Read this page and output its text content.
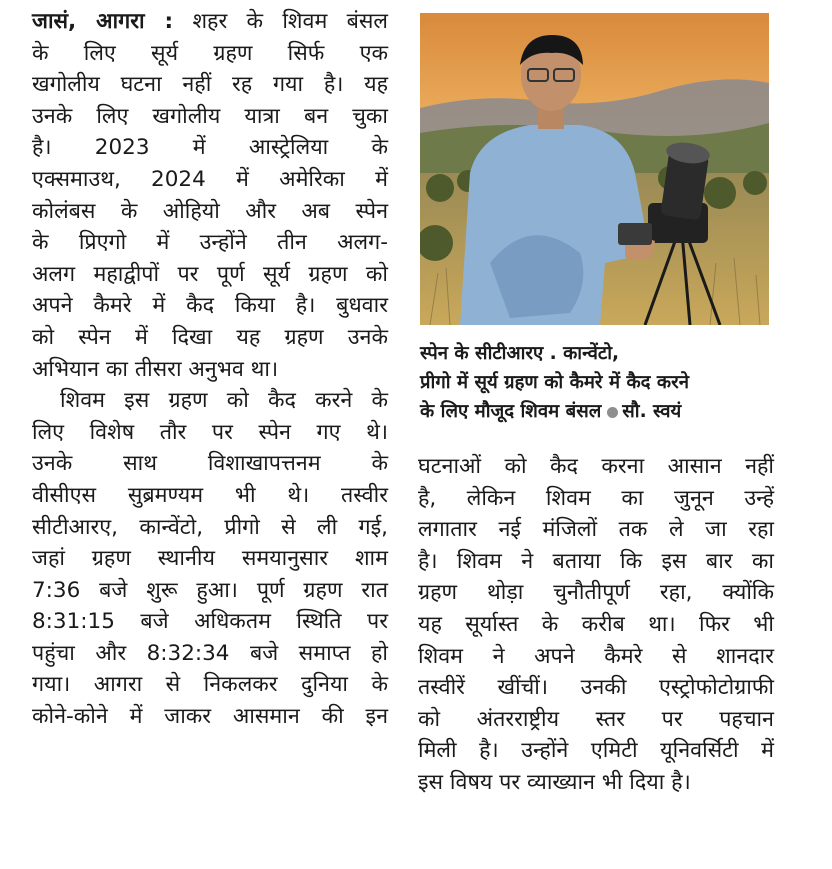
जासं, आगरा : शहर के शिवम बंसल
के लिए सूर्य ग्रहण सिर्फ एक
खगोलीय घटना नहीं रह गया है। यह
उनके लिए खगोलीय यात्रा बन चुका
है। 2023 में आस्ट्रेलिया के
एक्समाउथ, 2024 में अमेरिका में
कोलंबस के ओहियो और अब स्पेन
के प्रिएगो में उन्होंने तीन अलग-
अलग महाद्वीपों पर पूर्ण सूर्य ग्रहण को
अपने कैमरे में कैद किया है। बुधवार
को स्पेन में दिखा यह ग्रहण उनके
अभियान का तीसरा अनुभव था।
शिवम इस ग्रहण को कैद करने के
लिए विशेष तौर पर स्पेन गए थे।
उनके साथ विशाखापत्तनम के
वीसीएस सुब्रमण्यम भी थे। तस्वीर
सीटीआरए, कान्वेंटो, प्रीगो से ली गई,
जहां ग्रहण स्थानीय समयानुसार शाम
7:36 बजे शुरू हुआ। पूर्ण ग्रहण रात
8:31:15 बजे अधिकतम स्थिति पर
पहुंचा और 8:32:34 बजे समाप्त हो
गया। आगरा से निकलकर दुनिया के
कोने-कोने में जाकर आसमान की इन
स्पेन के सीटीआरए . कान्वेंटो,
प्रीगो में सूर्य ग्रहण को कैमरे में कैद करने
के लिए मौजूद शिवम बंसल सौ. स्वयं
घटनाओं को कैद करना आसान नहीं
है, लेकिन शिवम का जुनून उन्हें
लगातार नई मंजिलों तक ले जा रहा
है। शिवम ने बताया कि इस बार का
ग्रहण थोड़ा चुनौतीपूर्ण रहा, क्योंकि
यह सूर्यास्त के करीब था। फिर भी
शिवम ने अपने कैमरे से शानदार
तस्वीरें खींचीं। उनकी एस्ट्रोफोटोग्राफी
को अंतरराष्ट्रीय स्तर पर पहचान
मिली है। उन्होंने एमिटी यूनिवर्सिटी में
इस विषय पर व्याख्यान भी दिया है।
